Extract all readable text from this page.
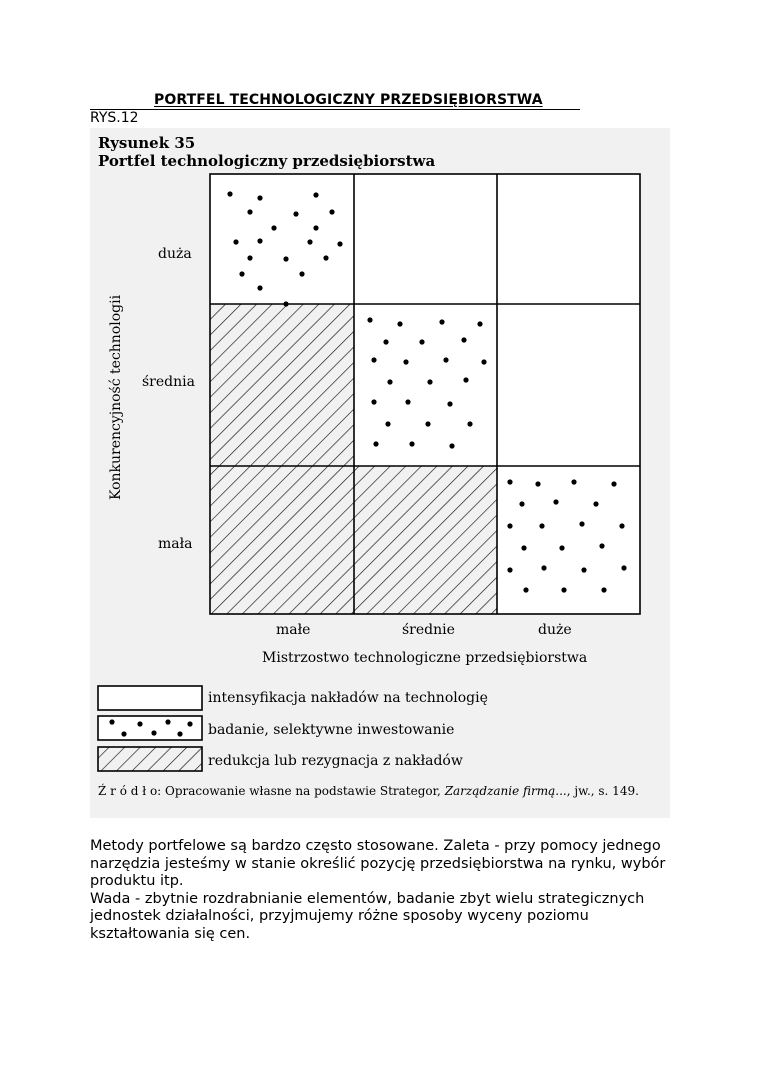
PORTFEL TECHNOLOGICZNY PRZEDSIĘBIORSTWA
RYS.12
Rysunek 35
Portfel technologiczny przedsiębiorstwa
Konkurencyjność technologii
duża
średnia
mała
małe	średnie	duże
Mistrzostwo technologiczne przedsiębiorstwa
intensyfikacja nakładów na technologię
badanie, selektywne inwestowanie
redukcja lub rezygnacja z nakładów
Ź r ó d ł o: Opracowanie własne na podstawie Strategor, Zarządzanie firmą..., jw., s. 149.

Metody portfelowe są bardzo często stosowane. Zaleta - przy pomocy jednego narzędzia jesteśmy w stanie określić pozycję przedsiębiorstwa na rynku, wybór produktu itp.

Wada - zbytnie rozdrabnianie elementów, badanie zbyt wielu strategicznych jednostek działalności, przyjmujemy różne sposoby wyceny poziomu kształtowania się cen.
